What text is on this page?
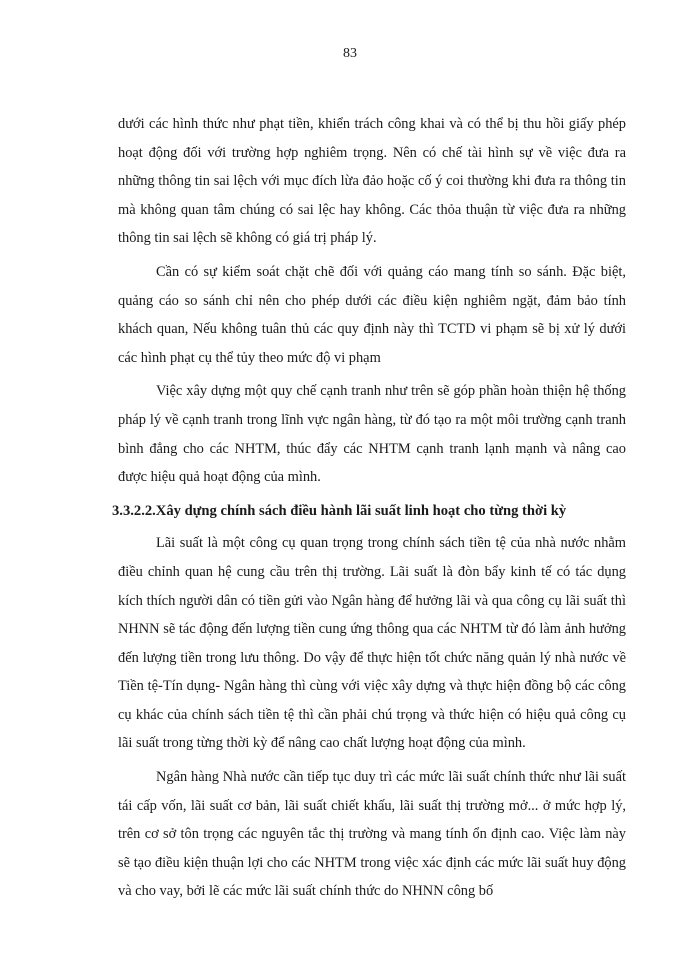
83

dưới các hình thức như phạt tiền, khiển trách công khai và có thể bị thu hồi giấy phép hoạt động đối với trường hợp nghiêm trọng. Nên có chế tài hình sự về việc đưa ra những thông tin sai lệch với mục đích lừa đảo hoặc cố ý coi thường khi đưa ra thông tin mà không quan tâm chúng có sai lệc hay không. Các thỏa thuận từ việc đưa ra những thông tin sai lệch sẽ không có giá trị pháp lý.

Cần có sự kiểm soát chặt chẽ đối với quảng cáo mang tính so sánh. Đặc biệt, quảng cáo so sánh chỉ nên cho phép dưới các điều kiện nghiêm ngặt, đảm bảo tính khách quan, Nếu không tuân thủ các quy định này thì TCTD vi phạm sẽ bị xử lý dưới các hình phạt cụ thể tủy theo mức độ vi phạm

Việc xây dựng một quy chế cạnh tranh như trên sẽ góp phần hoàn thiện hệ thống pháp lý về cạnh tranh trong lĩnh vực ngân hàng, từ đó tạo ra một môi trường cạnh tranh bình đẳng cho các NHTM, thúc đẩy các NHTM cạnh tranh lạnh mạnh và nâng cao được hiệu quả hoạt động của mình.

3.3.2.2.Xây dựng chính sách điều hành lãi suất linh hoạt cho từng thời kỳ

Lãi suất là một công cụ quan trọng trong chính sách tiền tệ của nhà nước nhằm điều chỉnh quan hệ cung cầu trên thị trường. Lãi suất là đòn bẩy kinh tế có tác dụng kích thích người dân có tiền gửi vào Ngân hàng để hưởng lãi và qua công cụ lãi suất thì NHNN sẽ tác động đến lượng tiền cung ứng thông qua các NHTM từ đó làm ảnh hưởng đến lượng tiền trong lưu thông. Do vậy để thực hiện tốt chức năng quản lý nhà nước về Tiền tệ-Tín dụng- Ngân hàng thì cùng với việc xây dựng và thực hiện đồng bộ các công cụ khác của chính sách tiền tệ thì cần phải chú trọng và thức hiện có hiệu quả công cụ lãi suất trong từng thời kỳ để nâng cao chất lượng hoạt động của mình.

Ngân hàng Nhà nước cần tiếp tục duy trì các mức lãi suất chính thức như lãi suất tái cấp vốn, lãi suất cơ bản, lãi suất chiết khấu, lãi suất thị trường mở... ở mức hợp lý, trên cơ sở tôn trọng các nguyên tắc thị trường và mang tính ổn định cao. Việc làm này sẽ tạo điều kiện thuận lợi cho các NHTM trong việc xác định các mức lãi suất huy động và cho vay, bởi lẽ các mức lãi suất chính thức do NHNN công bố
